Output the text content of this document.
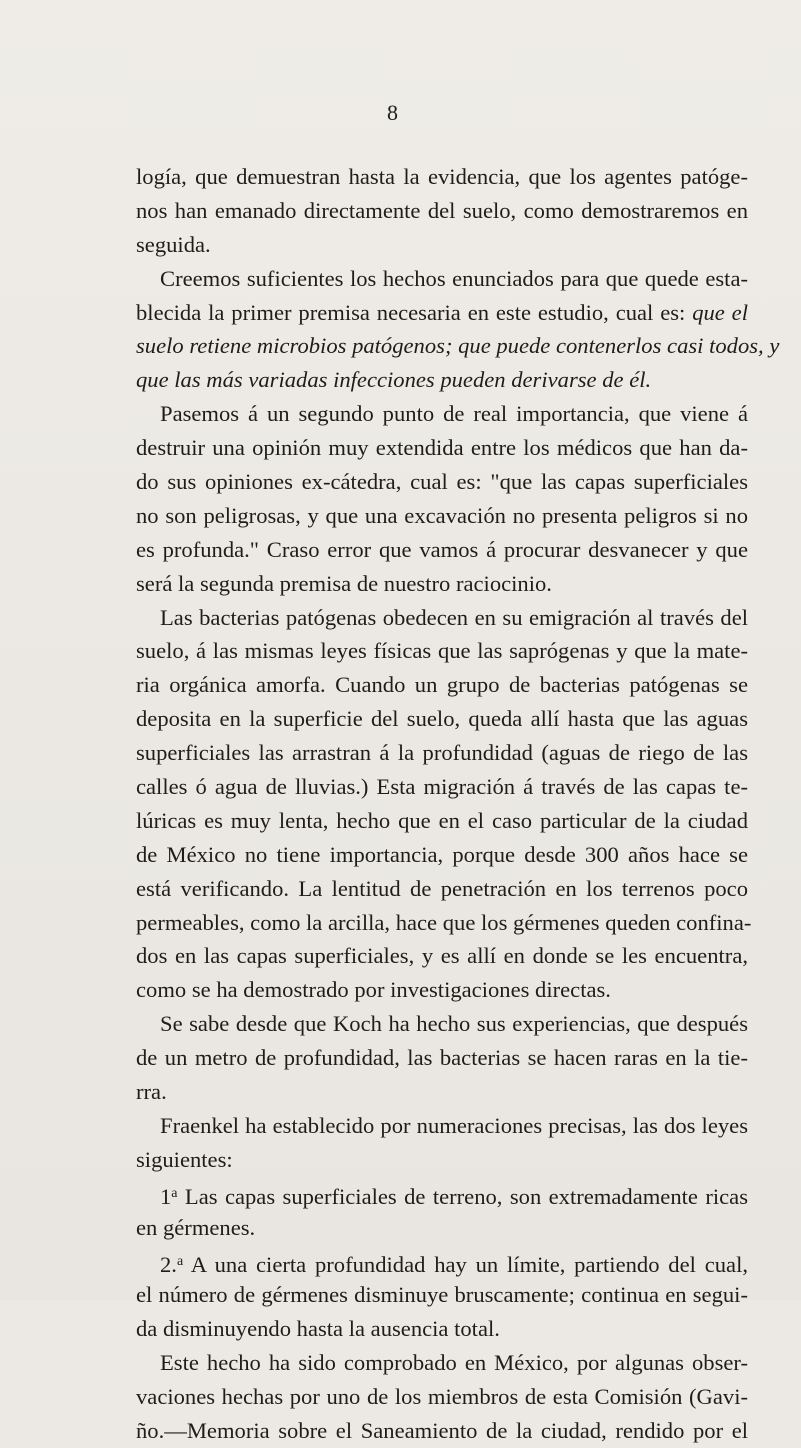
8
logía, que demuestran hasta la evidencia, que los agentes patóge-
nos han emanado directamente del suelo, como demostraremos en
seguida.
Creemos suficientes los hechos enunciados para que quede esta-
blecida la primer premisa necesaria en este estudio, cual es: que el
suelo retiene microbios patógenos; que puede contenerlos casi todos, y
que las más variadas infecciones pueden derivarse de él.
Pasemos á un segundo punto de real importancia, que viene á
destruir una opinión muy extendida entre los médicos que han da-
do sus opiniones ex-cátedra, cual es: "que las capas superficiales
no son peligrosas, y que una excavación no presenta peligros si no
es profunda." Craso error que vamos á procurar desvanecer y que
será la segunda premisa de nuestro raciocinio.
Las bacterias patógenas obedecen en su emigración al través del
suelo, á las mismas leyes físicas que las saprógenas y que la mate-
ria orgánica amorfa. Cuando un grupo de bacterias patógenas se
deposita en la superficie del suelo, queda allí hasta que las aguas
superficiales las arrastran á la profundidad (aguas de riego de las
calles ó agua de lluvias.) Esta migración á través de las capas te-
lúricas es muy lenta, hecho que en el caso particular de la ciudad
de México no tiene importancia, porque desde 300 años hace se
está verificando. La lentitud de penetración en los terrenos poco
permeables, como la arcilla, hace que los gérmenes queden confina-
dos en las capas superficiales, y es allí en donde se les encuentra,
como se ha demostrado por investigaciones directas.
Se sabe desde que Koch ha hecho sus experiencias, que después
de un metro de profundidad, las bacterias se hacen raras en la tie-
rra.
Fraenkel ha establecido por numeraciones precisas, las dos leyes
siguientes:
1$^a$ Las capas superficiales de terreno, son extremadamente ricas
en gérmenes.
2.$^a$ A una cierta profundidad hay un límite, partiendo del cual,
el número de gérmenes disminuye bruscamente; continua en segui-
da disminuyendo hasta la ausencia total.
Este hecho ha sido comprobado en México, por algunas obser-
vaciones hechas por uno de los miembros de esta Comisión (Gavi-
ño.—Memoria sobre el Saneamiento de la ciudad, rendido por el
